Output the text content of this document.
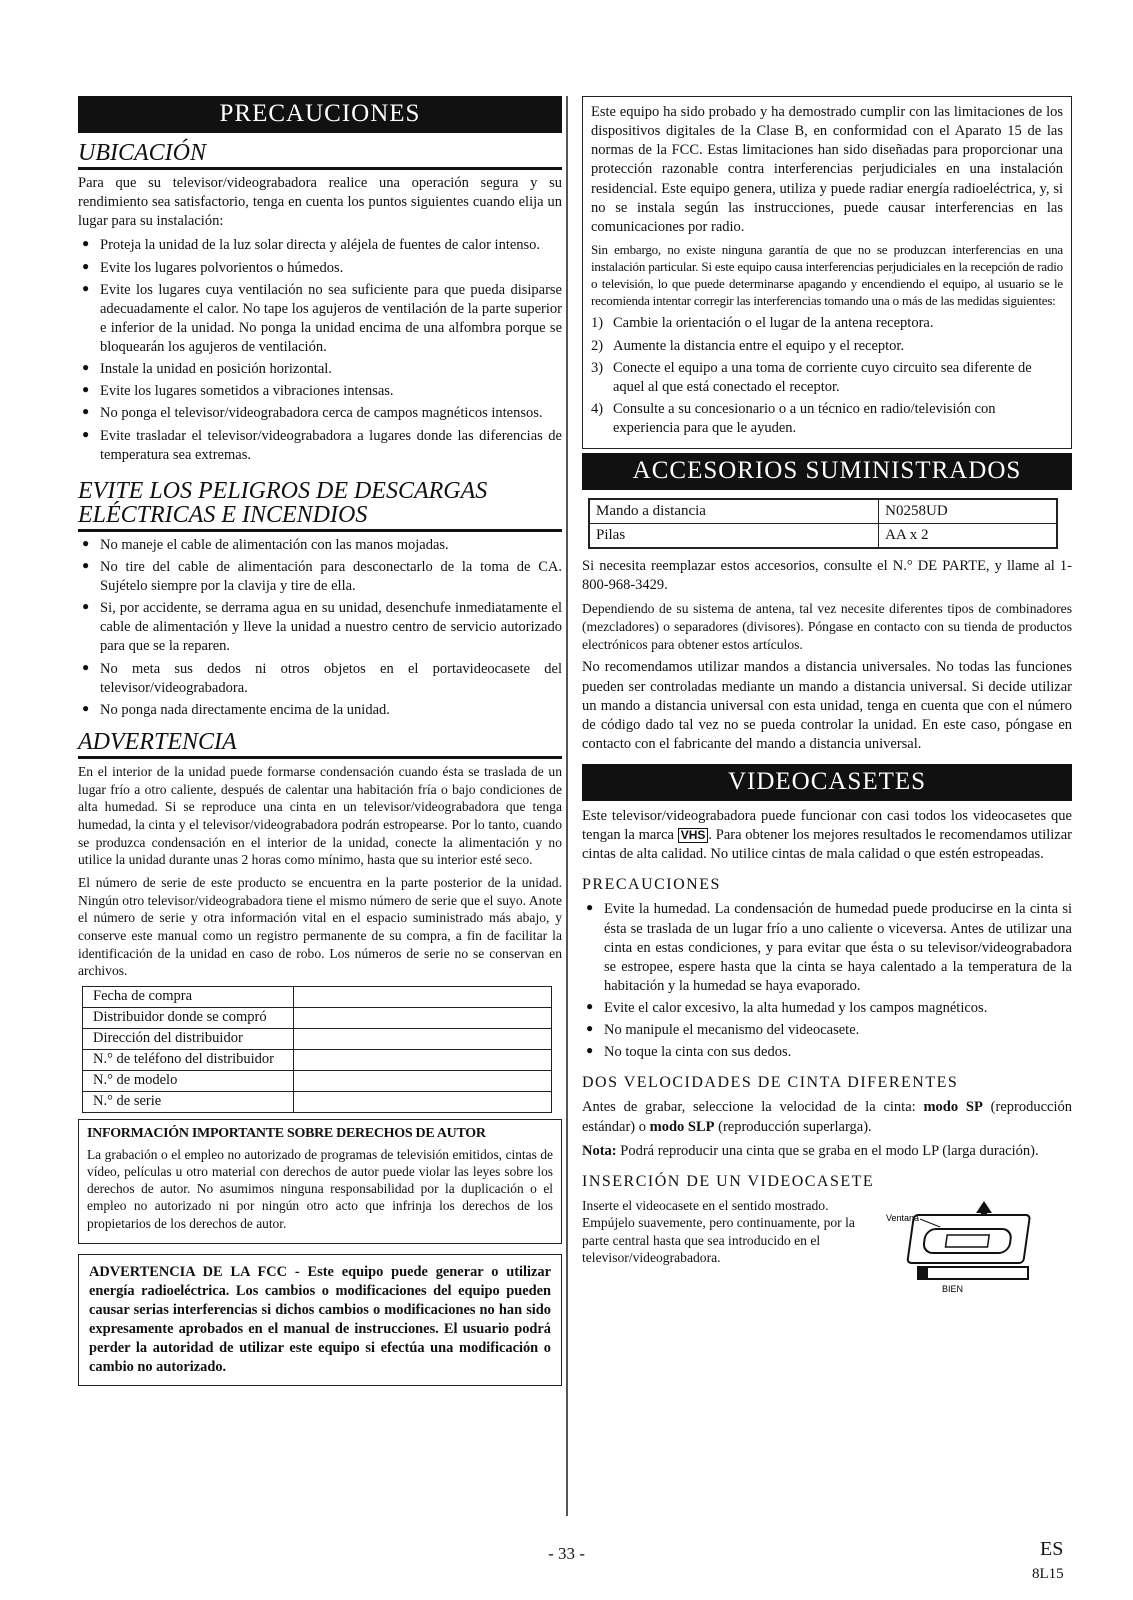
PRECAUCIONES
UBICACIÓN

Para que su televisor/videograbadora realice una operación segura y su rendimiento sea satisfactorio, tenga en cuenta los puntos siguientes cuando elija un lugar para su instalación:

● Proteja la unidad de la luz solar directa y aléjela de fuentes de calor intenso.
● Evite los lugares polvorientos o húmedos.
● Evite los lugares cuya ventilación no sea suficiente para que pueda disiparse adecuadamente el calor. No tape los agujeros de ventilación de la parte superior e inferior de la unidad. No ponga la unidad encima de una alfombra porque se bloquearán los agujeros de ventilación.
● Instale la unidad en posición horizontal.
● Evite los lugares sometidos a vibraciones intensas.
● No ponga el televisor/videograbadora cerca de campos magnéticos intensos.
● Evite trasladar el televisor/videograbadora a lugares donde las diferencias de temperatura sea extremas.
EVITE LOS PELIGROS DE DESCARGAS
ELÉCTRICAS E INCENDIOS
● No maneje el cable de alimentación con las manos mojadas.
● No tire del cable de alimentación para desconectarlo de la toma de CA. Sujételo siempre por la clavija y tire de ella.
● Si, por accidente, se derrama agua en su unidad, desenchufe inmediatamente el cable de alimentación y lleve la unidad a nuestro centro de servicio autorizado para que se la reparen.
● No meta sus dedos ni otros objetos en el portavideocasete del televisor/videograbadora.
● No ponga nada directamente encima de la unidad.
ADVERTENCIA

En el interior de la unidad puede formarse condensación cuando ésta se traslada de un lugar frío a otro caliente, después de calentar una habitación fría o bajo condiciones de alta humedad. Si se reproduce una cinta en un televisor/videograbadora que tenga humedad, la cinta y el televisor/videograbadora podrán estropearse. Por lo tanto, cuando se produzca condensación en el interior de la unidad, conecte la alimentación y no utilice la unidad durante unas 2 horas como mínimo, hasta que su interior esté seco.

El número de serie de este producto se encuentra en la parte posterior de la unidad. Ningún otro televisor/videograbadora tiene el mismo número de serie que el suyo. Anote el número de serie y otra información vital en el espacio suministrado más abajo, y conserve este manual como un registro permanente de su compra, a fin de facilitar la identificación de la unidad en caso de robo. Los números de serie no se conservan en archivos.

Fecha de compra	
Distribuidor donde se compró	
Dirección del distribuidor	
N.° de teléfono del distribuidor	
N.° de modelo	
N.° de serie	
INFORMACIÓN IMPORTANTE SOBRE DERECHOS DE AUTOR

La grabación o el empleo no autorizado de programas de televisión emitidos, cintas de vídeo, películas u otro material con derechos de autor puede violar las leyes sobre los derechos de autor. No asumimos ninguna responsabilidad por la duplicación o el empleo no autorizado ni por ningún otro acto que infrinja los derechos de los propietarios de los derechos de autor.

ADVERTENCIA DE LA FCC - Este equipo puede generar o utilizar energía radioeléctrica. Los cambios o modificaciones del equipo pueden causar serias interferencias si dichos cambios o modificaciones no han sido expresamente aprobados en el manual de instrucciones. El usuario podrá perder la autoridad de utilizar este equipo si efectúa una modificación o cambio no autorizado.

Este equipo ha sido probado y ha demostrado cumplir con las limitaciones de los dispositivos digitales de la Clase B, en conformidad con el Aparato 15 de las normas de la FCC. Estas limitaciones han sido diseñadas para proporcionar una protección razonable contra interferencias perjudiciales en una instalación residencial. Este equipo genera, utiliza y puede radiar energía radioeléctrica, y, si no se instala según las instrucciones, puede causar interferencias en las comunicaciones por radio.

Sin embargo, no existe ninguna garantía de que no se produzcan interferencias en una instalación particular. Si este equipo causa interferencias perjudiciales en la recepción de radio o televisión, lo que puede determinarse apagando y encendiendo el equipo, al usuario se le recomienda intentar corregir las interferencias tomando una o más de las medidas siguientes:

1) Cambie la orientación o el lugar de la antena receptora.
2) Aumente la distancia entre el equipo y el receptor.
3) Conecte el equipo a una toma de corriente cuyo circuito sea diferente de aquel al que está conectado el receptor.
4) Consulte a su concesionario o a un técnico en radio/televisión con experiencia para que le ayuden.
ACCESORIOS SUMINISTRADOS
Mando a distancia	N0258UD
Pilas	AA x 2

Si necesita reemplazar estos accesorios, consulte el N.° DE PARTE, y llame al 1-800-968-3429.

Dependiendo de su sistema de antena, tal vez necesite diferentes tipos de combinadores (mezcladores) o separadores (divisores). Póngase en contacto con su tienda de productos electrónicos para obtener estos artículos.

No recomendamos utilizar mandos a distancia universales. No todas las funciones pueden ser controladas mediante un mando a distancia universal. Si decide utilizar un mando a distancia universal con esta unidad, tenga en cuenta que con el número de código dado tal vez no se pueda controlar la unidad. En este caso, póngase en contacto con el fabricante del mando a distancia universal.

VIDEOCASETES

Este televisor/videograbadora puede funcionar con casi todos los videocasetes que tengan la marca VHS . Para obtener los mejores resultados le recomendamos utilizar cintas de alta calidad. No utilice cintas de mala calidad o que estén estropeadas.

PRECAUCIONES
● Evite la humedad. La condensación de humedad puede producirse en la cinta si ésta se traslada de un lugar frío a uno caliente o viceversa. Antes de utilizar una cinta en estas condiciones, y para evitar que ésta o su televisor/videograbadora se estropee, espere hasta que la cinta se haya calentado a la temperatura de la habitación y la humedad se haya evaporado.
● Evite el calor excesivo, la alta humedad y los campos magnéticos.
● No manipule el mecanismo del videocasete.
● No toque la cinta con sus dedos.
DOS VELOCIDADES DE CINTA DIFERENTES

Antes de grabar, seleccione la velocidad de la cinta: modo SP (reproducción estándar) o modo SLP (reproducción superlarga).

Nota: Podrá reproducir una cinta que se graba en el modo LP (larga duración).

INSERCIÓN DE UN VIDEOCASETE

Inserte el videocasete en el sentido mostrado. Empújelo suavemente, pero continuamente, por la parte central hasta que sea introducido en el televisor/videograbadora.

Ventana
BIEN
- 33 -	ES
8L15
